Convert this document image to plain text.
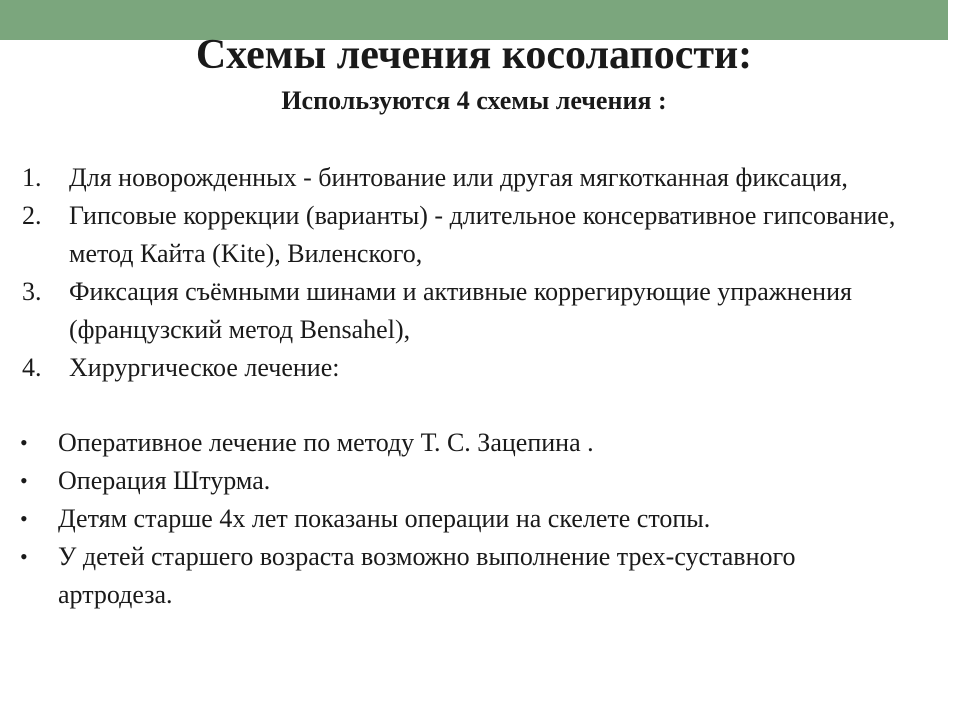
Схемы лечения косолапости:
Используются 4 схемы лечения :
1. Для новорожденных - бинтование или другая мягкотканная фиксация,
2. Гипсовые коррекции (варианты) - длительное консервативное гипсование, метод Кайта (Kite), Виленского,
3. Фиксация съёмными шинами и активные коррегирующие упражнения (французский метод Bensahel),
4. Хирургическое лечение:
• Оперативное лечение по методу Т. С. Зацепина .
• Операция Штурма.
• Детям старше 4х лет показаны операции на скелете стопы.
• У детей старшего возраста возможно выполнение трех-суставного артродеза.
